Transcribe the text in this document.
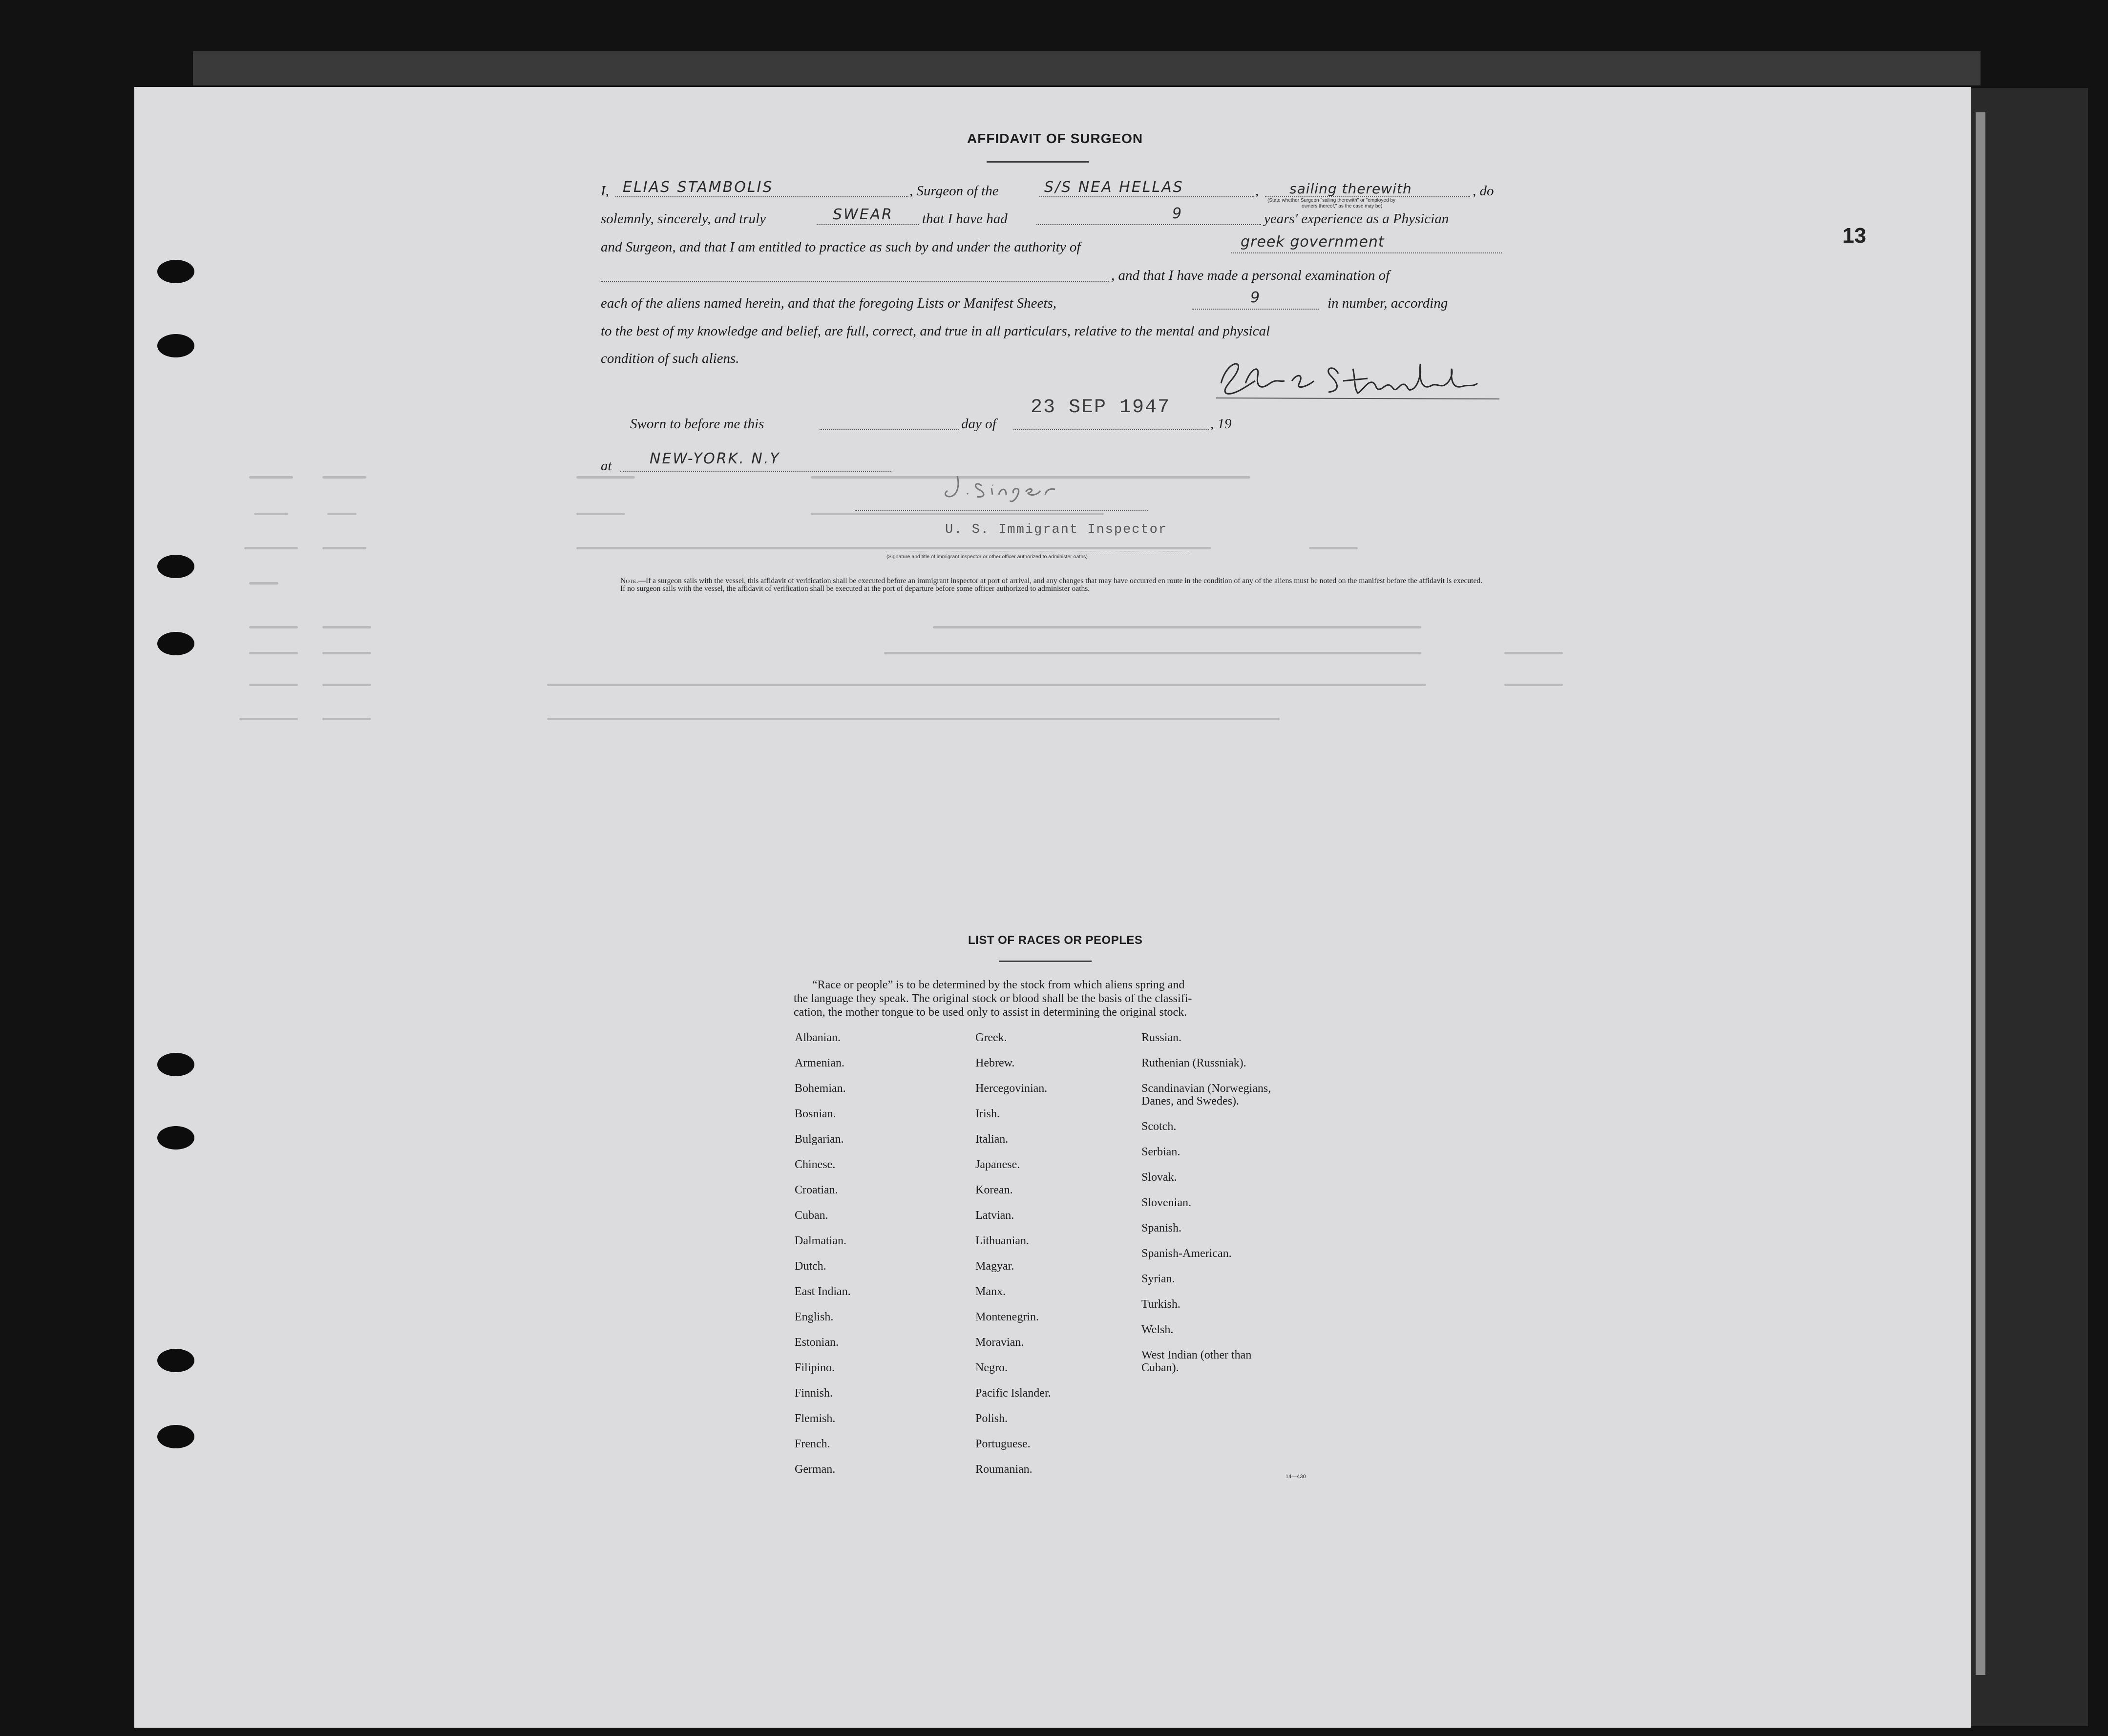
13
AFFIDAVIT OF SURGEON
I, ELIAS STAMBOLIS	, Surgeon of the	S/S NEA HELLAS	, sailing therewith	, do
(State whether Surgeon "sailing therewith" or "employed by
owners thereof," as the case may be)
solemnly, sincerely, and truly	SWEAR that I have had	9	years' experience as a Physician
and Surgeon, and that I am entitled to practice as such by and under the authority of	greek government
, and that I have made a personal examination of
each of the aliens named herein, and that the foregoing Lists or Manifest Sheets,	9	in number, according
to the best of my knowledge and belief, are full, correct, and true in all particulars, relative to the mental and physical
condition of such aliens.
Sworn to before me this	day of
23 SEP 1947
, 19
at	NEW-YORK. N.Y
U. S. Immigrant Inspector
(Signature and title of immigrant inspector or other officer authorized to administer oaths)
Note.—If a surgeon sails with the vessel, this affidavit of verification shall be executed before an immigrant inspector at port of arrival, and any changes that may have occurred en route in the condition of any of the aliens must be noted on the manifest before the affidavit is executed.
If no surgeon sails with the vessel, the affidavit of verification shall be executed at the port of departure before some officer authorized to administer oaths.
LIST OF RACES OR PEOPLES
“Race or people” is to be determined by the stock from which aliens spring and
the language they speak. The original stock or blood shall be the basis of the classifi-
cation, the mother tongue to be used only to assist in determining the original stock.
Albanian.
Armenian.
Bohemian.
Bosnian.
Bulgarian.
Chinese.
Croatian.
Cuban.
Dalmatian.
Dutch.
East Indian.
English.
Estonian.
Filipino.
Finnish.
Flemish.
French.
German.
Greek.
Hebrew.
Hercegovinian.
Irish.
Italian.
Japanese.
Korean.
Latvian.
Lithuanian.
Magyar.
Manx.
Montenegrin.
Moravian.
Negro.
Pacific Islander.
Polish.
Portuguese.
Roumanian.
Russian.
Ruthenian (Russniak).
Scandinavian (Norwegians,
Danes, and Swedes).
Scotch.
Serbian.
Slovak.
Slovenian.
Spanish.
Spanish-American.
Syrian.
Turkish.
Welsh.
West Indian (other than
Cuban).
14—430
